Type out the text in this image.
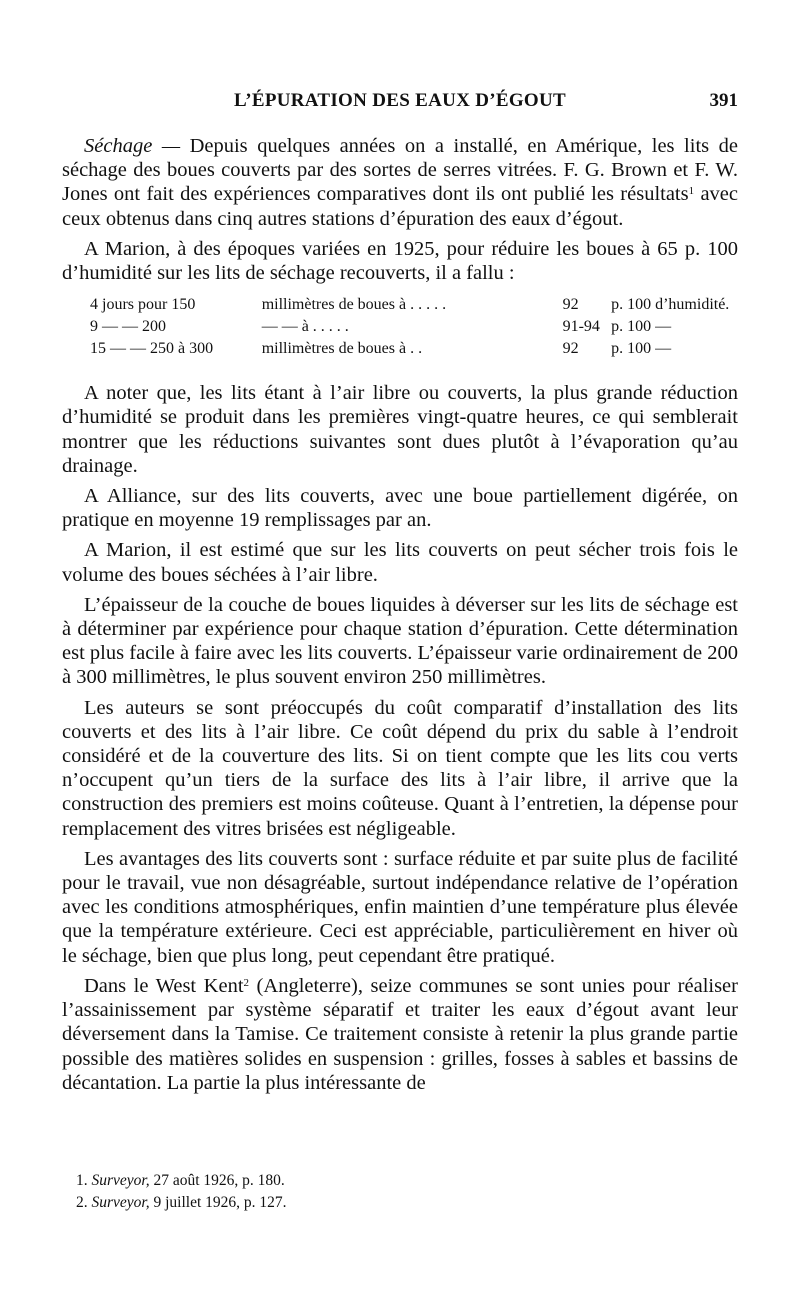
L’ÉPURATION DES EAUX D’ÉGOUT	391

Séchage — Depuis quelques années on a installé, en Amérique, les lits de séchage des boues couverts par des sortes de serres vitrées. F. G. Brown et F. W. Jones ont fait des expériences comparatives dont ils ont publié les résultats$^1$ avec ceux obtenus dans cinq autres stations d’épuration des eaux d’égout.

A Marion, à des époques variées en 1925, pour réduire les boues à 65 p. 100 d’humidité sur les lits de séchage recouverts, il a fallu :

4 jours pour 150	millimètres de boues à . . . . .	92	p. 100 d’humidité.
9 — — 200	— — à . . . . .	91-94	p. 100 —
15 — — 250 à 300	millimètres de boues à . .	92	p. 100 —

A noter que, les lits étant à l’air libre ou couverts, la plus grande réduction d’humidité se produit dans les premières vingt-quatre heures, ce qui semblerait montrer que les réductions suivantes sont dues plutôt à l’évaporation qu’au drainage.

A Alliance, sur des lits couverts, avec une boue partiellement digérée, on pratique en moyenne 19 remplissages par an.

A Marion, il est estimé que sur les lits couverts on peut sécher trois fois le volume des boues séchées à l’air libre.

L’épaisseur de la couche de boues liquides à déverser sur les lits de séchage est à déterminer par expérience pour chaque station d’épuration. Cette détermination est plus facile à faire avec les lits couverts. L’épaisseur varie ordinairement de 200 à 300 millimètres, le plus souvent environ 250 millimètres.

Les auteurs se sont préoccupés du coût comparatif d’installation des lits couverts et des lits à l’air libre. Ce coût dépend du prix du sable à l’endroit considéré et de la couverture des lits. Si on tient compte que les lits cou verts n’occupent qu’un tiers de la surface des lits à l’air libre, il arrive que la construction des premiers est moins coûteuse. Quant à l’entretien, la dépense pour remplacement des vitres brisées est négligeable.

Les avantages des lits couverts sont : surface réduite et par suite plus de facilité pour le travail, vue non désagréable, surtout indépendance relative de l’opération avec les conditions atmosphériques, enfin maintien d’une température plus élevée que la température extérieure. Ceci est appréciable, particulièrement en hiver où le séchage, bien que plus long, peut cependant être pratiqué.

Dans le West Kent$^2$ (Angleterre), seize communes se sont unies pour réaliser l’assainissement par système séparatif et traiter les eaux d’égout avant leur déversement dans la Tamise. Ce traitement consiste à retenir la plus grande partie possible des matières solides en suspension : grilles, fosses à sables et bassins de décantation. La partie la plus intéressante de

1. Surveyor, 27 août 1926, p. 180.

2. Surveyor, 9 juillet 1926, p. 127.
